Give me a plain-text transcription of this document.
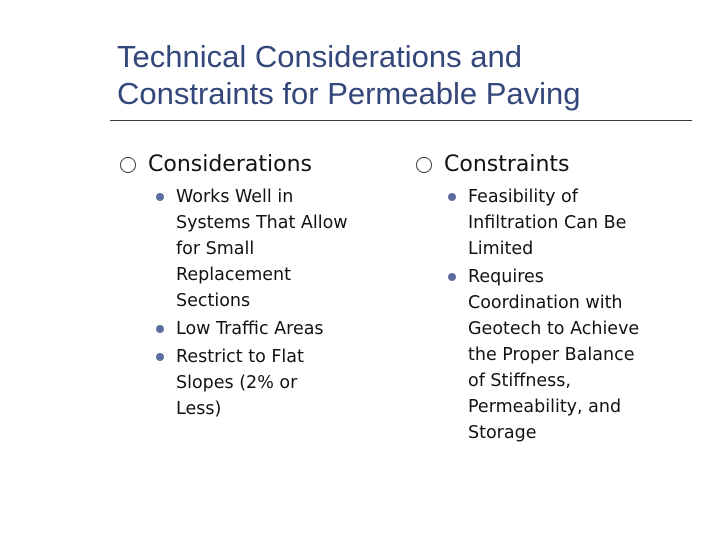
Technical Considerations and
Constraints for Permeable Paving
Considerations
Works Well in
Systems That Allow
for Small
Replacement
Sections
Low Traffic Areas
Restrict to Flat
Slopes (2% or
Less)
Constraints
Feasibility of
Infiltration Can Be
Limited
Requires
Coordination with
Geotech to Achieve
the Proper Balance
of Stiffness,
Permeability, and
Storage
